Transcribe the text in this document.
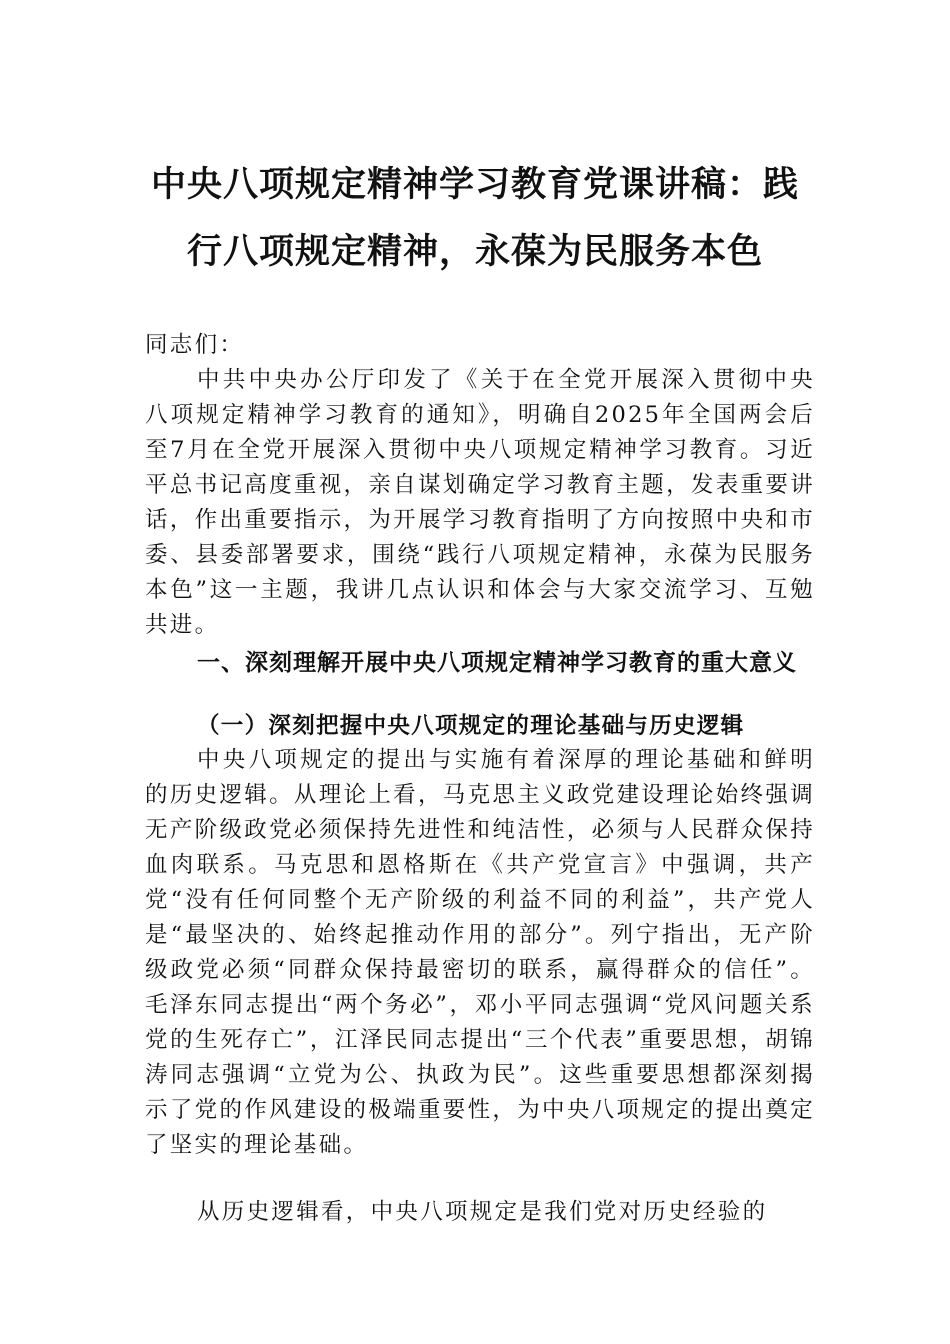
中央八项规定精神学习教育党课讲稿：践
行八项规定精神，永葆为民服务本色

同志们：

中共中央办公厅印发了《关于在全党开展深入贯彻中央八项规定精神学习教育的通知》，明确自2025年全国两会后至7月在全党开展深入贯彻中央八项规定精神学习教育。习近平总书记高度重视，亲自谋划确定学习教育主题，发表重要讲话，作出重要指示，为开展学习教育指明了方向按照中央和市委、县委部署要求，围绕“践行八项规定精神，永葆为民服务本色”这一主题，我讲几点认识和体会与大家交流学习、互勉共进。

一、深刻理解开展中央八项规定精神学习教育的重大意义
（一）深刻把握中央八项规定的理论基础与历史逻辑

中央八项规定的提出与实施有着深厚的理论基础和鲜明的历史逻辑。从理论上看，马克思主义政党建设理论始终强调无产阶级政党必须保持先进性和纯洁性，必须与人民群众保持血肉联系。马克思和恩格斯在《共产党宣言》中强调，共产党“没有任何同整个无产阶级的利益不同的利益”，共产党人是“最坚决的、始终起推动作用的部分”。列宁指出，无产阶级政党必须“同群众保持最密切的联系，赢得群众的信任”。毛泽东同志提出“两个务必”，邓小平同志强调“党风问题关系党的生死存亡”，江泽民同志提出“三个代表”重要思想，胡锦涛同志强调“立党为公、执政为民”。这些重要思想都深刻揭示了党的作风建设的极端重要性，为中央八项规定的提出奠定了坚实的理论基础。

从历史逻辑看，中央八项规定是我们党对历史经验的
